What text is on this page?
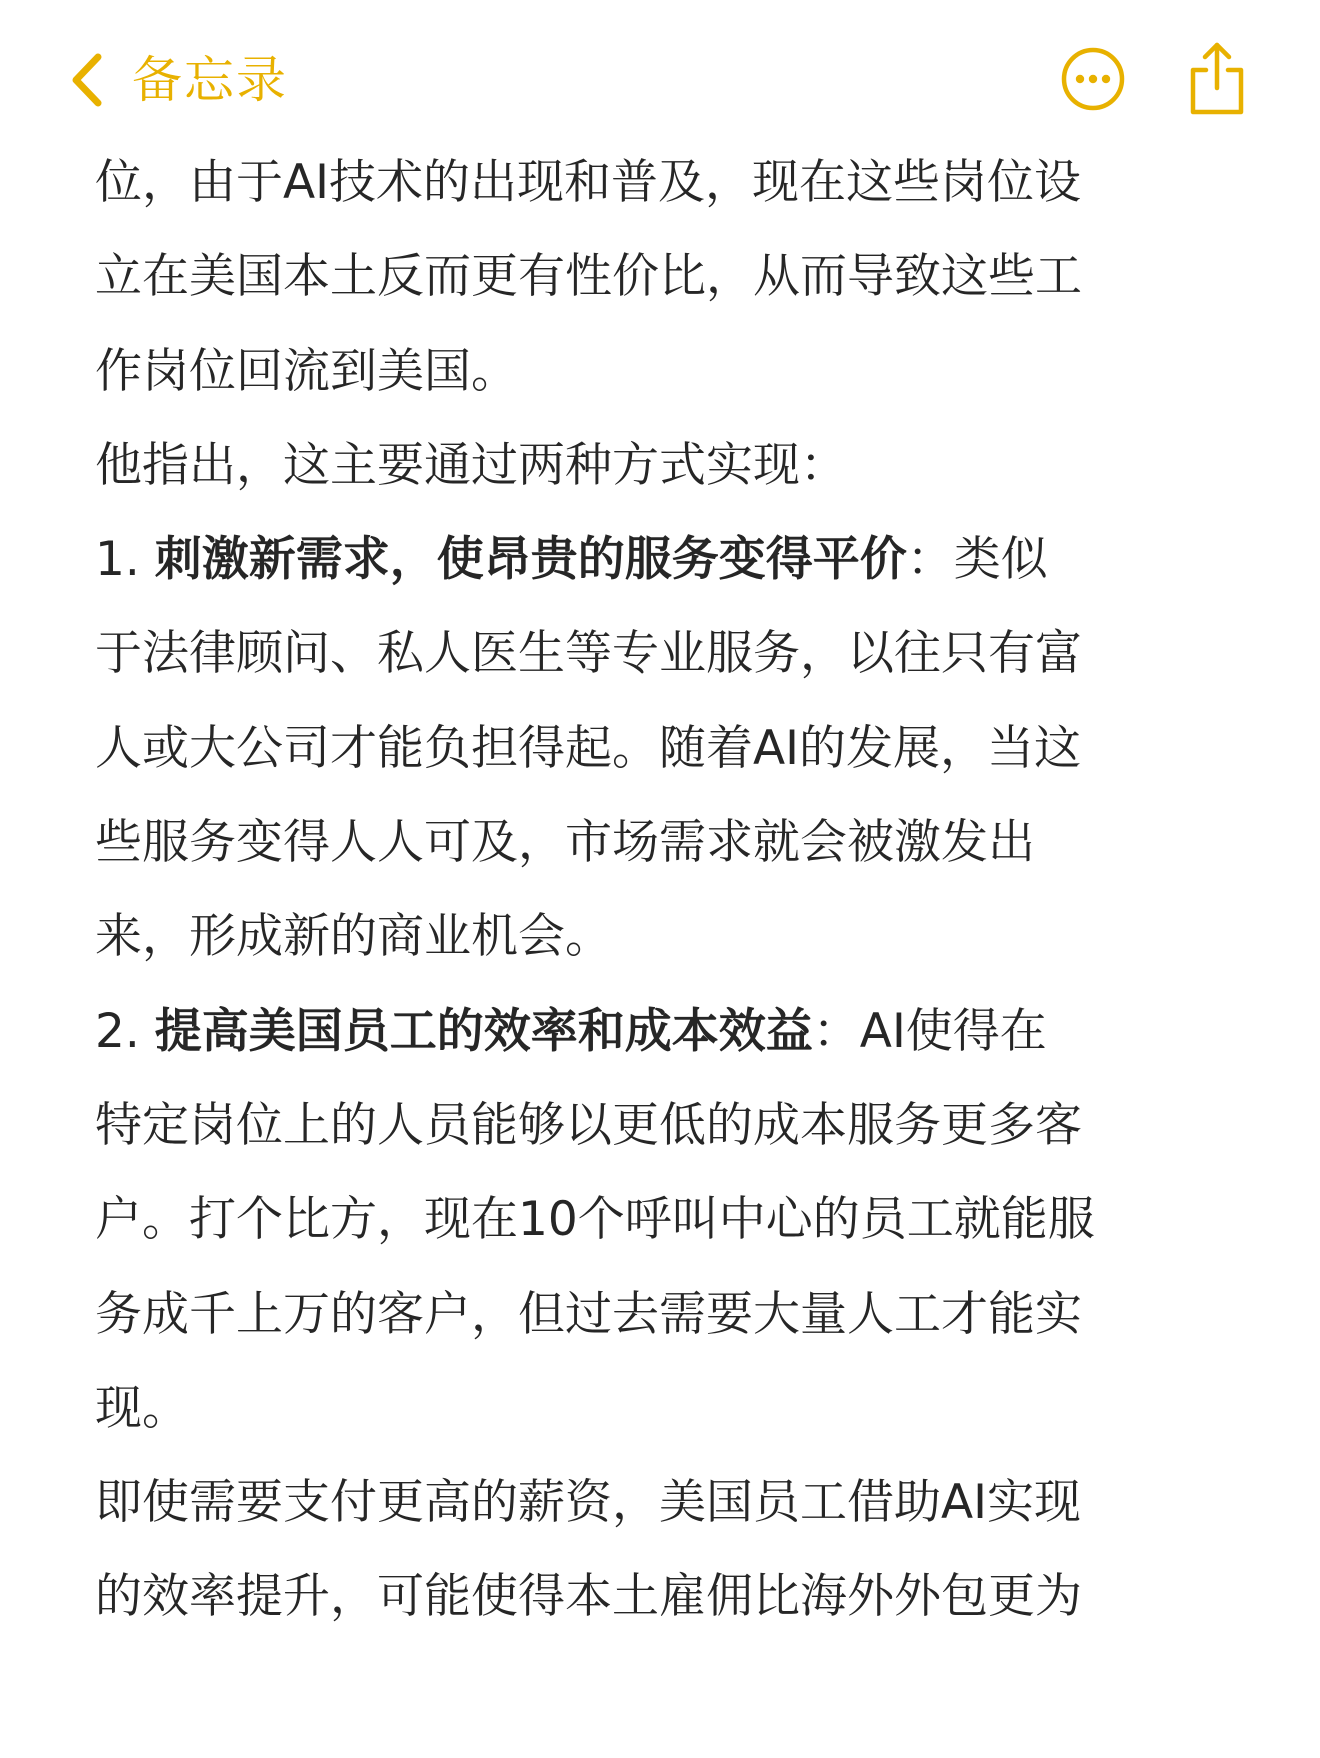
备忘录
位，由于AI技术的出现和普及，现在这些岗位设
立在美国本土反而更有性价比，从而导致这些工
作岗位回流到美国。
他指出，这主要通过两种方式实现：
1. 刺激新需求，使昂贵的服务变得平价：类似
于法律顾问、私人医生等专业服务，以往只有富
人或大公司才能负担得起。随着AI的发展，当这
些服务变得人人可及，市场需求就会被激发出
来，形成新的商业机会。
2. 提高美国员工的效率和成本效益：AI使得在
特定岗位上的人员能够以更低的成本服务更多客
户。打个比方，现在10个呼叫中心的员工就能服
务成千上万的客户，但过去需要大量人工才能实
现。
即使需要支付更高的薪资，美国员工借助AI实现
的效率提升，可能使得本土雇佣比海外外包更为
